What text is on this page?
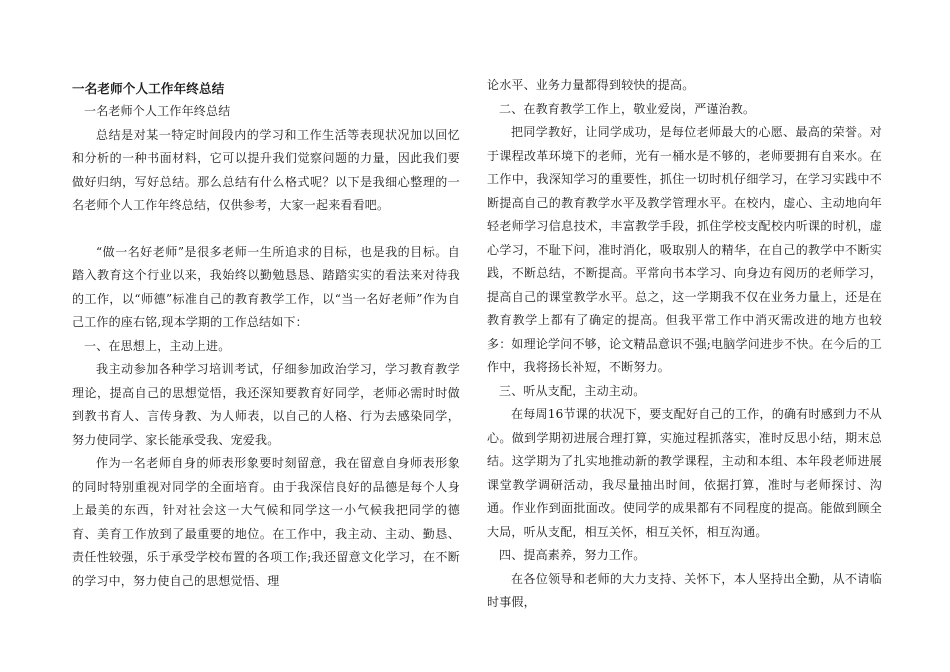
一名老师个人工作年终总结

一名老师个人工作年终总结

总结是对某一特定时间段内的学习和工作生活等表现状况加以回忆和分析的一种书面材料，它可以提升我们觉察问题的力量，因此我们要做好归纳，写好总结。那么总结有什么格式呢？以下是我细心整理的一名老师个人工作年终总结，仅供参考，大家一起来看看吧。

“做一名好老师”是很多老师一生所追求的目标，也是我的目标。自踏入教育这个行业以来，我始终以勤勉恳恳、踏踏实实的看法来对待我的工作，以“师德”标准自己的教育教学工作，以“当一名好老师”作为自己工作的座右铭,现本学期的工作总结如下：

一、在思想上，主动上进。

我主动参加各种学习培训考试，仔细参加政治学习，学习教育教学理论，提高自己的思想觉悟，我还深知要教育好同学，老师必需时时做到教书育人、言传身教、为人师表，以自己的人格、行为去感染同学，努力使同学、家长能承受我、宠爱我。

作为一名老师自身的师表形象要时刻留意，我在留意自身师表形象的同时特别重视对同学的全面培育。由于我深信良好的品德是每个人身上最美的东西，针对社会这一大气候和同学这一小气候我把同学的德育、美育工作放到了最重要的地位。在工作中，我主动、主动、勤恳、责任性较强，乐于承受学校布置的各项工作;我还留意文化学习，在不断的学习中，努力使自己的思想觉悟、理

论水平、业务力量都得到较快的提高。

二、在教育教学工作上，敬业爱岗，严谨治教。

把同学教好，让同学成功，是每位老师最大的心愿、最高的荣誉。对于课程改革环境下的老师，光有一桶水是不够的，老师要拥有自来水。在工作中，我深知学习的重要性，抓住一切时机仔细学习，在学习实践中不断提高自己的教育教学水平及教学管理水平。在校内，虚心、主动地向年轻老师学习信息技术，丰富教学手段，抓住学校支配校内听课的时机，虚心学习，不耻下问，准时消化，吸取别人的精华，在自己的教学中不断实践，不断总结，不断提高。平常向书本学习、向身边有阅历的老师学习，提高自己的课堂教学水平。总之，这一学期我不仅在业务力量上，还是在教育教学上都有了确定的提高。但我平常工作中消灭需改进的地方也较多：如理论学问不够，论文精品意识不强;电脑学问进步不快。在今后的工作中，我将扬长补短，不断努力。

三、听从支配，主动主动。

在每周16节课的状况下，要支配好自己的工作，的确有时感到力不从心。做到学期初进展合理打算，实施过程抓落实，准时反思小结，期末总结。这学期为了扎实地推动新的教学课程，主动和本组、本年段老师进展课堂教学调研活动，我尽量抽出时间，依据打算，准时与老师探讨、沟通。作业作到面批面改。使同学的成果都有不同程度的提高。能做到顾全大局，听从支配，相互关怀，相互关怀，相互沟通。

四、提高素养，努力工作。

在各位领导和老师的大力支持、关怀下，本人坚持出全勤，从不请临时事假，
